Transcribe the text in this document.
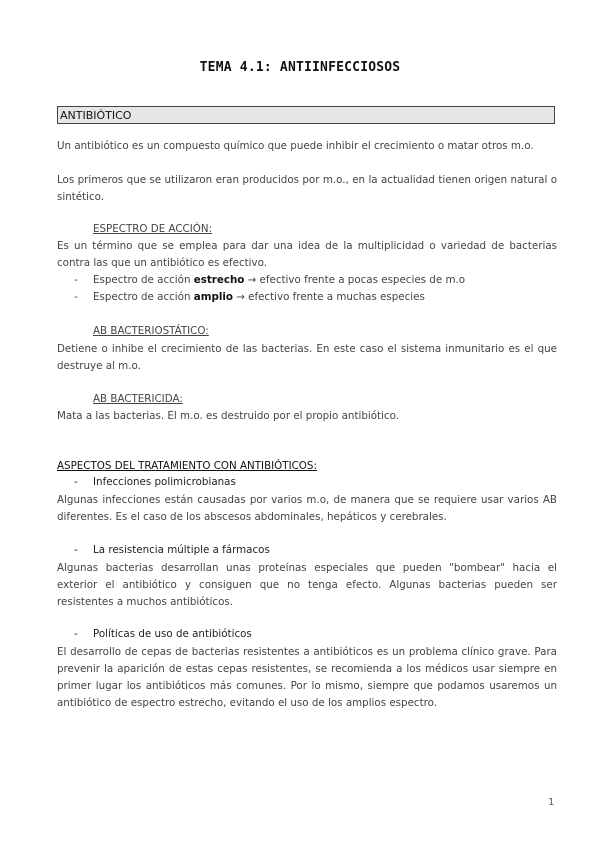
TEMA 4.1: ANTIINFECCIOSOS
ANTIBIÓTICO
Un antibiótico es un compuesto químico que puede inhibir el crecimiento o matar otros m.o.
Los primeros que se utilizaron eran producidos por m.o., en la actualidad tienen origen natural o sintético.
ESPECTRO DE ACCIÓN:
Es un término que se emplea para dar una idea de la multiplicidad o variedad de bacterias contra las que un antibiótico es efectivo.
- Espectro de acción estrecho → efectivo frente a pocas especies de m.o
- Espectro de acción amplio → efectivo frente a muchas especies
AB BACTERIOSTÁTICO:
Detiene o inhibe el crecimiento de las bacterias. En este caso el sistema inmunitario es el que destruye al m.o.
AB BACTERICIDA:
Mata a las bacterias. El m.o. es destruido por el propio antibiótico.
ASPECTOS DEL TRATAMIENTO CON ANTIBIÓTICOS:
- Infecciones polimicrobianas
Algunas infecciones están causadas por varios m.o, de manera que se requiere usar varios AB diferentes. Es el caso de los abscesos abdominales, hepáticos y cerebrales.
- La resistencia múltiple a fármacos
Algunas bacterias desarrollan unas proteínas especiales que pueden "bombear" hacia el exterior el antibiótico y consiguen que no tenga efecto. Algunas bacterias pueden ser resistentes a muchos antibióticos.
- Políticas de uso de antibióticos
El desarrollo de cepas de bacterias resistentes a antibióticos es un problema clínico grave. Para prevenir la aparición de estas cepas resistentes, se recomienda a los médicos usar siempre en primer lugar los antibióticos más comunes. Por lo mismo, siempre que podamos usaremos un antibiótico de espectro estrecho, evitando el uso de los amplios espectro.
1
